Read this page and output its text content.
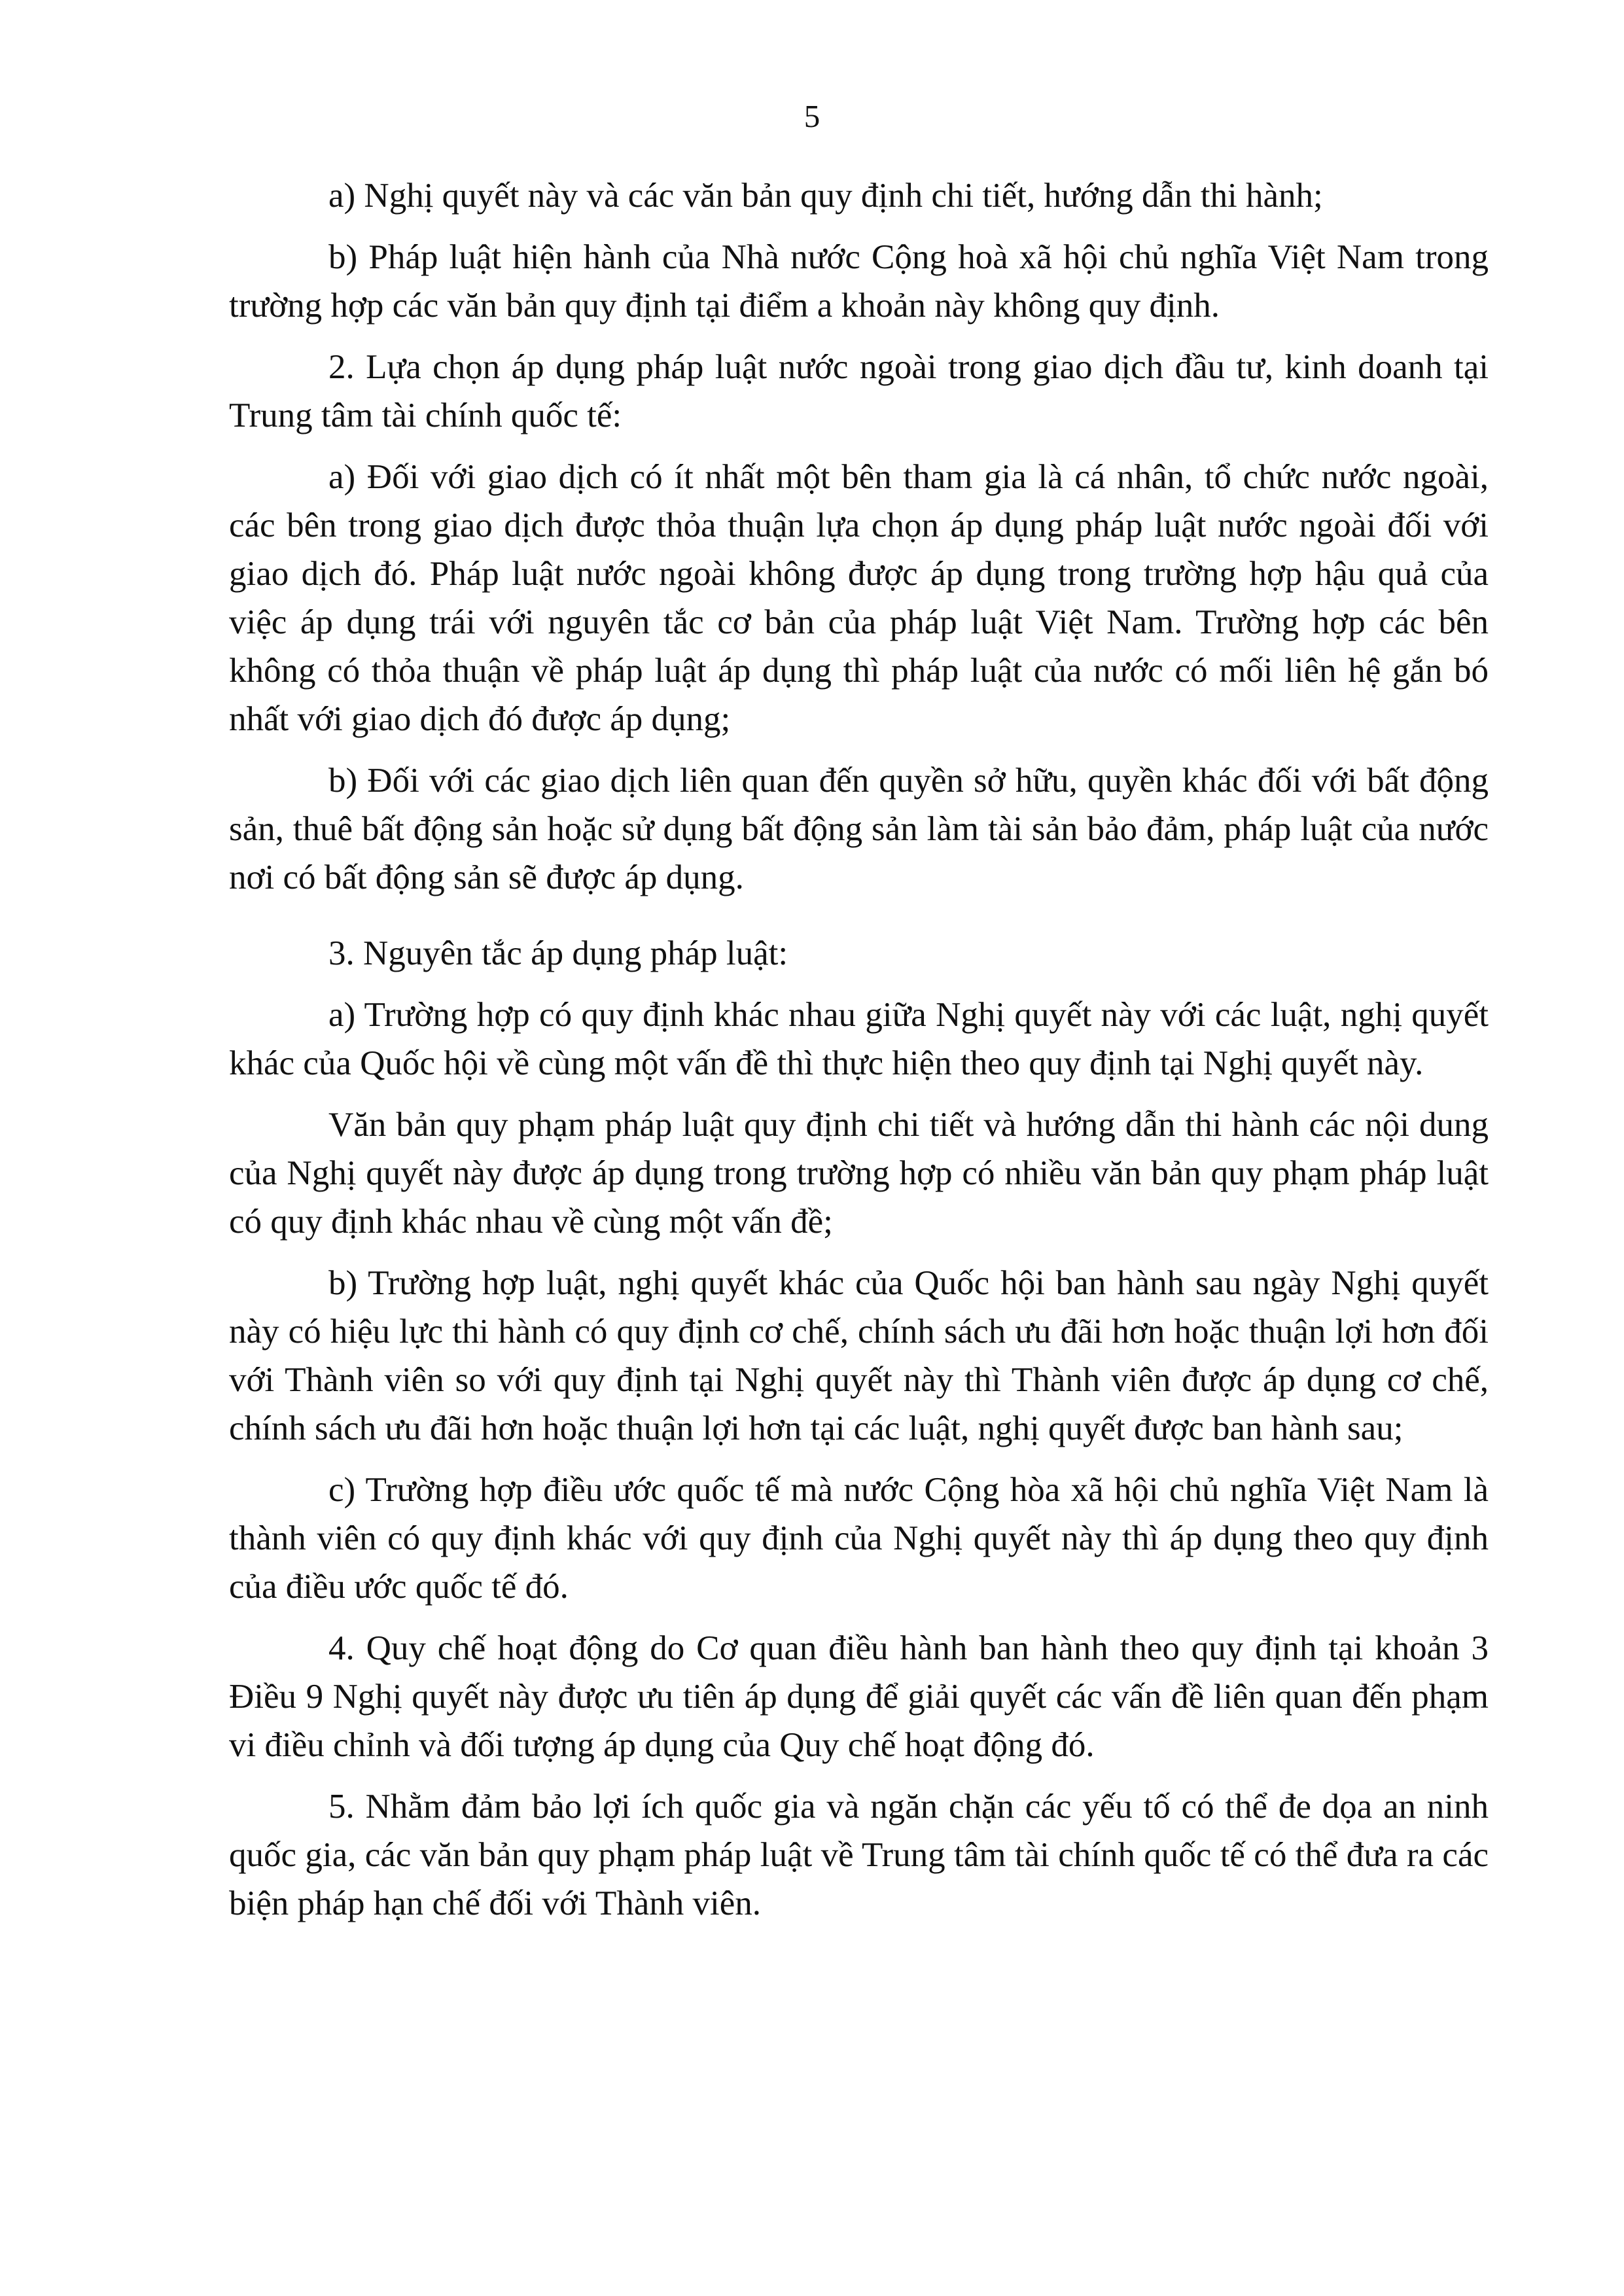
5

a) Nghị quyết này và các văn bản quy định chi tiết, hướng dẫn thi hành;

b) Pháp luật hiện hành của Nhà nước Cộng hoà xã hội chủ nghĩa Việt Nam trong trường hợp các văn bản quy định tại điểm a khoản này không quy định.

2. Lựa chọn áp dụng pháp luật nước ngoài trong giao dịch đầu tư, kinh doanh tại Trung tâm tài chính quốc tế:

a) Đối với giao dịch có ít nhất một bên tham gia là cá nhân, tổ chức nước ngoài, các bên trong giao dịch được thỏa thuận lựa chọn áp dụng pháp luật nước ngoài đối với giao dịch đó. Pháp luật nước ngoài không được áp dụng trong trường hợp hậu quả của việc áp dụng trái với nguyên tắc cơ bản của pháp luật Việt Nam. Trường hợp các bên không có thỏa thuận về pháp luật áp dụng thì pháp luật của nước có mối liên hệ gắn bó nhất với giao dịch đó được áp dụng;

b) Đối với các giao dịch liên quan đến quyền sở hữu, quyền khác đối với bất động sản, thuê bất động sản hoặc sử dụng bất động sản làm tài sản bảo đảm, pháp luật của nước nơi có bất động sản sẽ được áp dụng.

3. Nguyên tắc áp dụng pháp luật:

a) Trường hợp có quy định khác nhau giữa Nghị quyết này với các luật, nghị quyết khác của Quốc hội về cùng một vấn đề thì thực hiện theo quy định tại Nghị quyết này.

Văn bản quy phạm pháp luật quy định chi tiết và hướng dẫn thi hành các nội dung của Nghị quyết này được áp dụng trong trường hợp có nhiều văn bản quy phạm pháp luật có quy định khác nhau về cùng một vấn đề;

b) Trường hợp luật, nghị quyết khác của Quốc hội ban hành sau ngày Nghị quyết này có hiệu lực thi hành có quy định cơ chế, chính sách ưu đãi hơn hoặc thuận lợi hơn đối với Thành viên so với quy định tại Nghị quyết này thì Thành viên được áp dụng cơ chế, chính sách ưu đãi hơn hoặc thuận lợi hơn tại các luật, nghị quyết được ban hành sau;

c) Trường hợp điều ước quốc tế mà nước Cộng hòa xã hội chủ nghĩa Việt Nam là thành viên có quy định khác với quy định của Nghị quyết này thì áp dụng theo quy định của điều ước quốc tế đó.

4. Quy chế hoạt động do Cơ quan điều hành ban hành theo quy định tại khoản 3 Điều 9 Nghị quyết này được ưu tiên áp dụng để giải quyết các vấn đề liên quan đến phạm vi điều chỉnh và đối tượng áp dụng của Quy chế hoạt động đó.

5. Nhằm đảm bảo lợi ích quốc gia và ngăn chặn các yếu tố có thể đe dọa an ninh quốc gia, các văn bản quy phạm pháp luật về Trung tâm tài chính quốc tế có thể đưa ra các biện pháp hạn chế đối với Thành viên.
